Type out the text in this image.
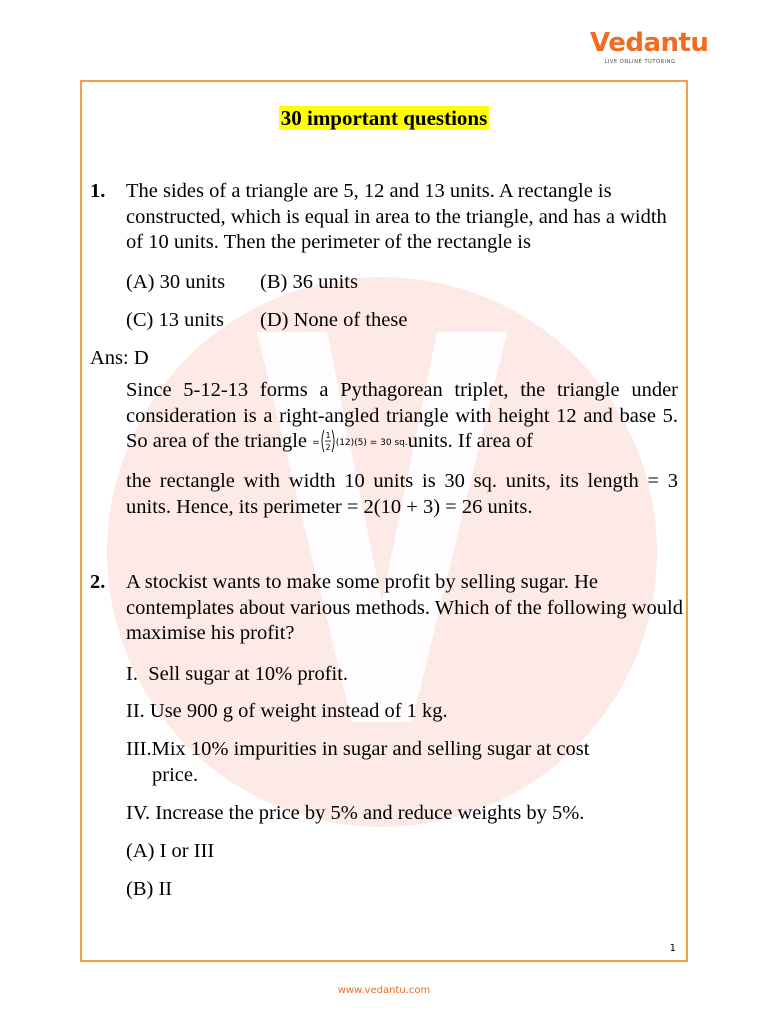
Vedantu
LIVE ONLINE TUTORING
30 important questions
1. The sides of a triangle are 5, 12 and 13 units. A rectangle is constructed, which is equal in area to the triangle, and has a width of 10 units. Then the perimeter of the rectangle is
(A) 30 units (B) 36 units
(C) 13 units (D) None of these
Ans: D
Since 5-12-13 forms a Pythagorean triplet, the triangle under consideration is a right-angled triangle with height 12 and base 5. So area of the triangle =
1
2 (12)(5) = 30 sq.units. If area of
the rectangle with width 10 units is 30 sq. units, its length = 3 units. Hence, its perimeter = 2(10 + 3) = 26 units.
2. A stockist wants to make some profit by selling sugar. He contemplates about various methods. Which of the following would maximise his profit?
I.  Sell sugar at 10% profit.
II. Use 900 g of weight instead of 1 kg.
III.Mix 10% impurities in sugar and selling sugar at cost
price.
IV. Increase the price by 5% and reduce weights by 5%.
(A) I or III
(B) II
1
www.vedantu.com
